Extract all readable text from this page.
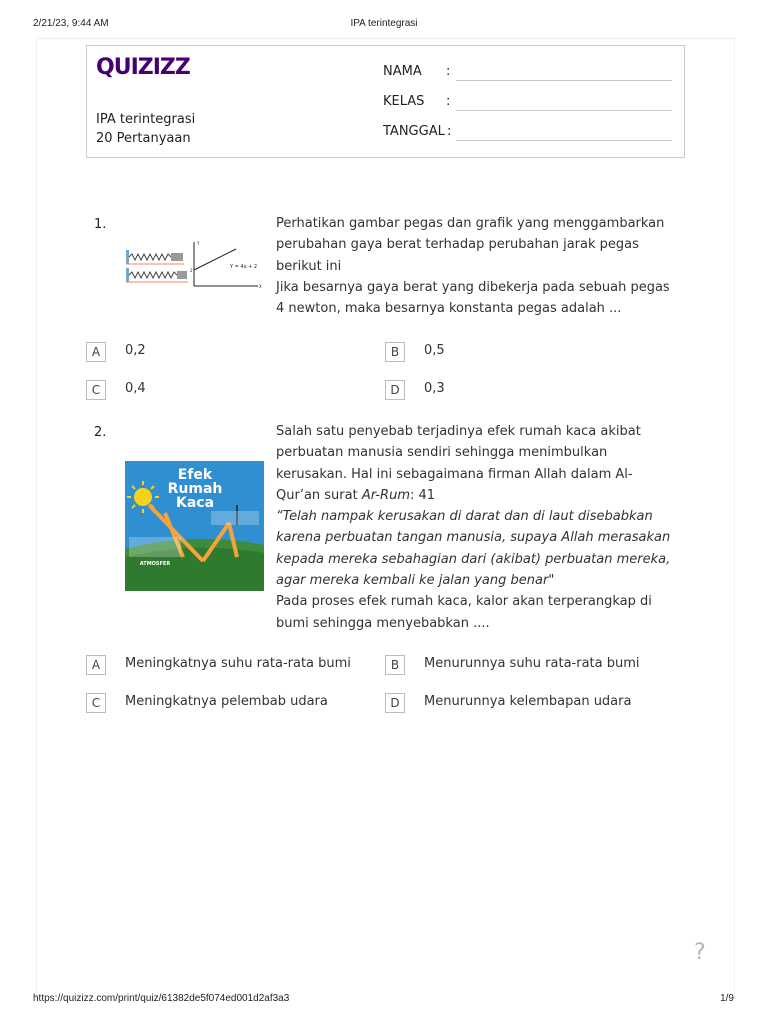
2/21/23, 9:44 AM	IPA terintegrasi
QUIZIZZ
IPA terintegrasi
20 Pertanyaan
NAMA :
KELAS :
TANGGAL :
1.
Y
X
2
Y = 4x + 2

Perhatikan gambar pegas dan grafik yang menggambarkan perubahan gaya berat terhadap perubahan jarak pegas berikut ini

Jika besarnya gaya berat yang dibekerja pada sebuah pegas 4 newton, maka besarnya konstanta pegas adalah ...

A	0,2	B	0,5
C	0,4	D	0,3
2.
Efek
Rumah
Kaca
ATMOSFER

Salah satu penyebab terjadinya efek rumah kaca akibat perbuatan manusia sendiri sehingga menimbulkan kerusakan. Hal ini sebagaimana firman Allah dalam Al-Qur’an surat Ar-Rum: 41

“Telah nampak kerusakan di darat dan di laut disebabkan karena perbuatan tangan manusia, supaya Allah merasakan kepada mereka sebahagian dari (akibat) perbuatan mereka, agar mereka kembali ke jalan yang benar"

Pada proses efek rumah kaca, kalor akan terperangkap di bumi sehingga menyebabkan ....

A	Meningkatnya suhu rata-rata bumi	B	Menurunnya suhu rata-rata bumi
C	Meningkatnya pelembab udara	D	Menurunnya kelembapan udara
?
https://quizizz.com/print/quiz/61382de5f074ed001d2af3a3	1/9
